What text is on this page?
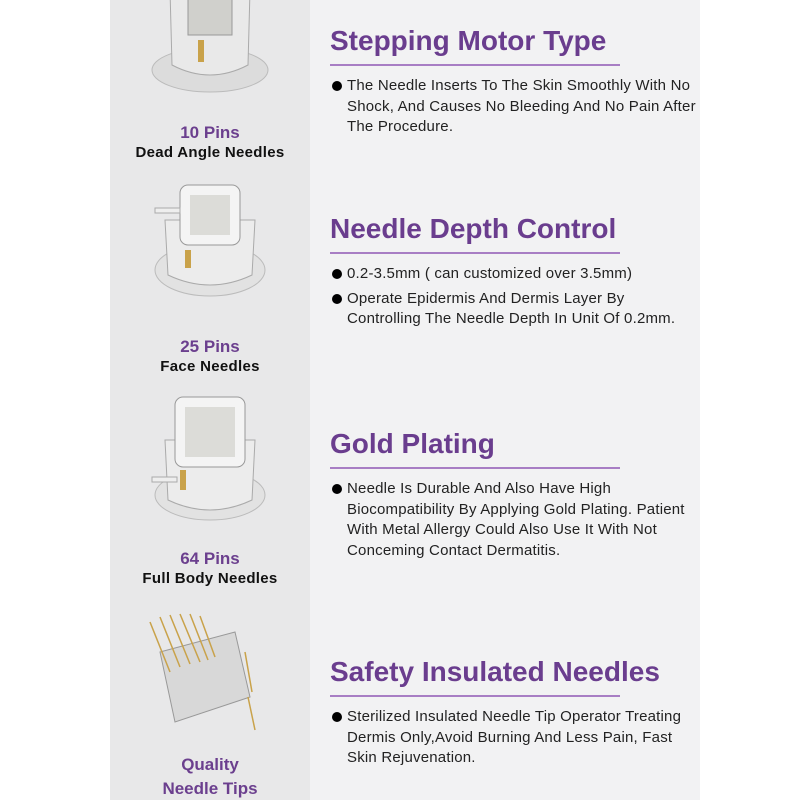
10 Pins
Dead Angle Needles
25 Pins
Face Needles
64 Pins
Full Body Needles
Quality
Needle Tips
Stepping Motor Type
The Needle Inserts To The Skin Smoothly With No Shock, And Causes No Bleeding And No Pain After The Procedure.
Needle Depth Control
0.2-3.5mm ( can customized over 3.5mm)
Operate Epidermis And Dermis Layer By Controlling The Needle Depth In Unit Of 0.2mm.
Gold Plating
Needle Is Durable And Also Have High Biocompatibility By Applying Gold Plating. Patient With Metal Allergy Could Also Use It With Not Conceming Contact Dermatitis.
Safety Insulated Needles
Sterilized Insulated Needle Tip Operator Treating Dermis Only,Avoid Burning And Less Pain, Fast Skin Rejuvenation.
